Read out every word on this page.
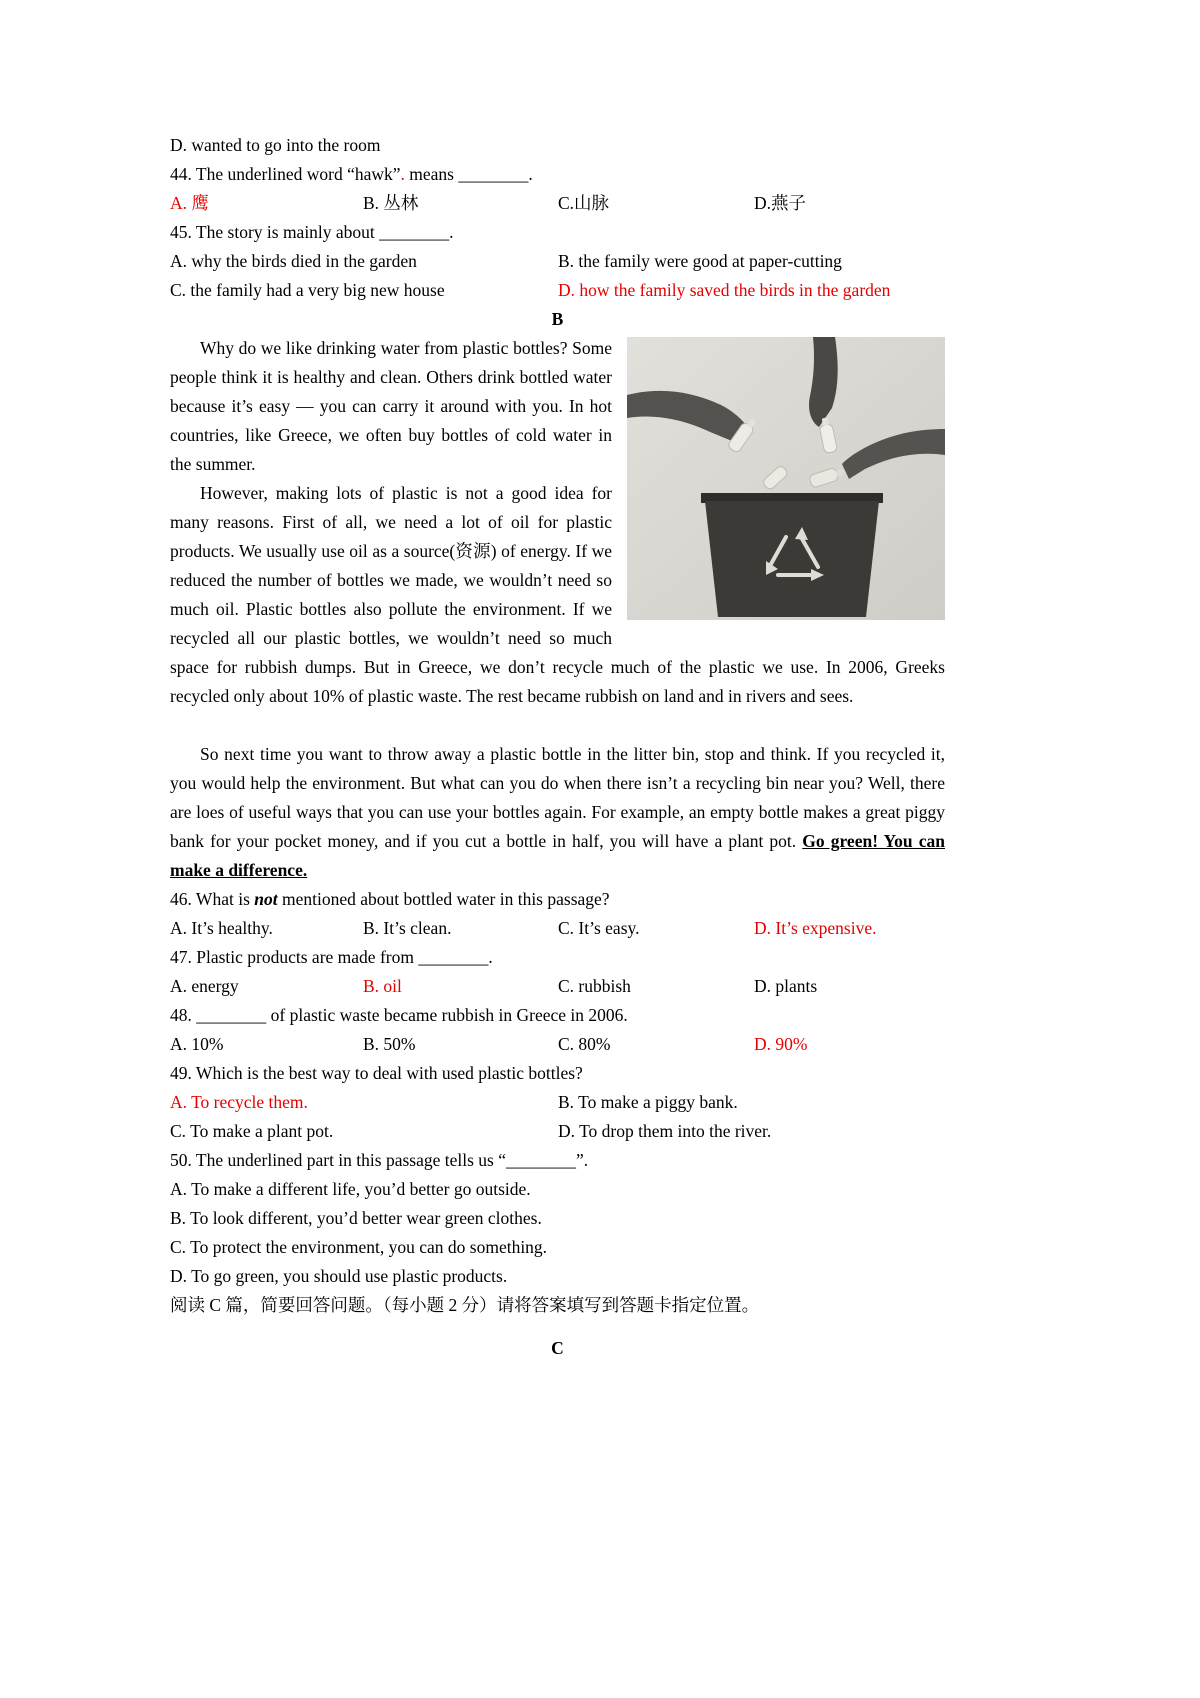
D. wanted to go into the room
44. The underlined word “hawk”. means ________.
A. 鹰	B. 丛林	C.山脉	D.燕子
45. The story is mainly about ________.
A. why the birds died in the garden	B. the family were good at paper-cutting
C. the family had a very big new house	D. how the family saved the birds in the garden
B

Why do we like drinking water from plastic bottles? Some people think it is healthy and clean. Others drink bottled water because it’s easy — you can carry it around with you. In hot countries, like Greece, we often buy bottles of cold water in the summer.

However, making lots of plastic is not a good idea for many reasons. First of all, we need a lot of oil for plastic products. We usually use oil as a source(资源) of energy. If we reduced the number of bottles we made, we wouldn’t need so much oil. Plastic bottles also pollute the environment. If we recycled all our plastic bottles, we wouldn’t need so much space for rubbish dumps. But in Greece, we don’t recycle much of the plastic we use. In 2006, Greeks recycled only about 10% of plastic waste. The rest became rubbish on land and in rivers and sees.

So next time you want to throw away a plastic bottle in the litter bin, stop and think. If you recycled it, you would help the environment. But what can you do when there isn’t a recycling bin near you? Well, there are loes of useful ways that you can use your bottles again. For example, an empty bottle makes a great piggy bank for your pocket money, and if you cut a bottle in half, you will have a plant pot. Go green! You can make a difference.

46. What is not mentioned about bottled water in this passage?
A. It’s healthy.	B. It’s clean.	C. It’s easy.	D. It’s expensive.
47. Plastic products are made from ________.
A. energy	B. oil	C. rubbish	D. plants
48. ________ of plastic waste became rubbish in Greece in 2006.
A. 10%	B. 50%	C. 80%	D. 90%
49. Which is the best way to deal with used plastic bottles?
A. To recycle them.	B. To make a piggy bank.
C. To make a plant pot.	D. To drop them into the river.
50. The underlined part in this passage tells us “________”.
A. To make a different life, you’d better go outside.
B. To look different, you’d better wear green clothes.
C. To protect the environment, you can do something.
D. To go green, you should use plastic products.
阅读 C 篇，简要回答问题。（每小题 2 分）请将答案填写到答题卡指定位置。
C
